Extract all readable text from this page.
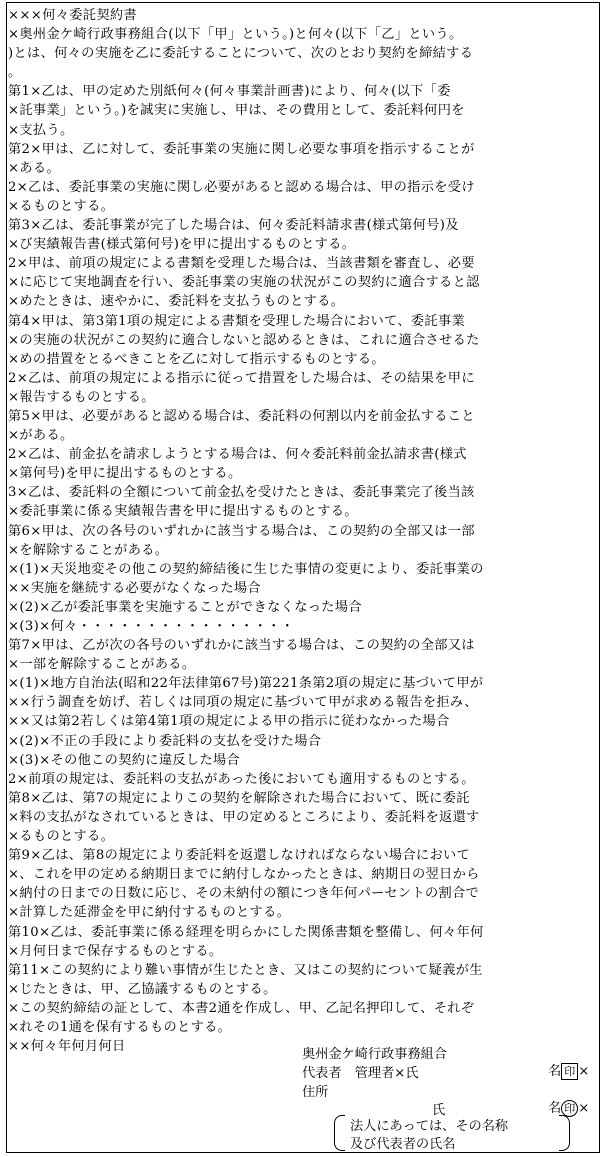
×××何々委託契約書
×奥州金ケ崎行政事務組合(以下「甲」という。)と何々(以下「乙」という。
)とは、何々の実施を乙に委託することについて、次のとおり契約を締結する
。
第1×乙は、甲の定めた別紙何々(何々事業計画書)により、何々(以下「委
×託事業」という。)を誠実に実施し、甲は、その費用として、委託料何円を
×支払う。
第2×甲は、乙に対して、委託事業の実施に関し必要な事項を指示することが
×ある。
2×乙は、委託事業の実施に関し必要があると認める場合は、甲の指示を受け
×るものとする。
第3×乙は、委託事業が完了した場合は、何々委託料請求書(様式第何号)及
×び実績報告書(様式第何号)を甲に提出するものとする。
2×甲は、前項の規定による書類を受理した場合は、当該書類を審査し、必要
×に応じて実地調査を行い、委託事業の実施の状況がこの契約に適合すると認
×めたときは、速やかに、委託料を支払うものとする。
第4×甲は、第3第1項の規定による書類を受理した場合において、委託事業
×の実施の状況がこの契約に適合しないと認めるときは、これに適合させるた
×めの措置をとるべきことを乙に対して指示するものとする。
2×乙は、前項の規定による指示に従って措置をした場合は、その結果を甲に
×報告するものとする。
第5×甲は、必要があると認める場合は、委託料の何割以内を前金払すること
×がある。
2×乙は、前金払を請求しようとする場合は、何々委託料前金払請求書(様式
×第何号)を甲に提出するものとする。
3×乙は、委託料の全額について前金払を受けたときは、委託事業完了後当該
×委託事業に係る実績報告書を甲に提出するものとする。
第6×甲は、次の各号のいずれかに該当する場合は、この契約の全部又は一部
×を解除することがある。
×(1)×天災地変その他この契約締結後に生じた事情の変更により、委託事業の
××実施を継続する必要がなくなった場合
×(2)×乙が委託事業を実施することができなくなった場合
×(3)×何々・・・・・・・・・・・・・・・・
第7×甲は、乙が次の各号のいずれかに該当する場合は、この契約の全部又は
×一部を解除することがある。
×(1)×地方自治法(昭和22年法律第67号)第221条第2項の規定に基づいて甲が
××行う調査を妨げ、若しくは同項の規定に基づいて甲が求める報告を拒み、
××又は第2若しくは第4第1項の規定による甲の指示に従わなかった場合
×(2)×不正の手段により委託料の支払を受けた場合
×(3)×その他この契約に違反した場合
2×前項の規定は、委託料の支払があった後においても適用するものとする。
第8×乙は、第7の規定によりこの契約を解除された場合において、既に委託
×料の支払がなされているときは、甲の定めるところにより、委託料を返還す
×るものとする。
第9×乙は、第8の規定により委託料を返還しなければならない場合において
×、これを甲の定める納期日までに納付しなかったときは、納期日の翌日から
×納付の日までの日数に応じ、その未納付の額につき年何パーセントの割合で
×計算した延滞金を甲に納付するものとする。
第10×乙は、委託事業に係る経理を明らかにした関係書類を整備し、何々年何
×月何日まで保存するものとする。
第11×この契約により難い事情が生じたとき、又はこの契約について疑義が生
×じたときは、甲、乙協議するものとする。
×この契約締結の証として、本書2通を作成し、甲、乙記名押印して、それぞ
×れその1通を保有するものとする。
××何々年何月何日
奥州金ケ崎行政事務組合
代表者　管理者×氏	名 印 ×
住所
氏	名 印 ×
法人にあっては、その名称
及び代表者の氏名
